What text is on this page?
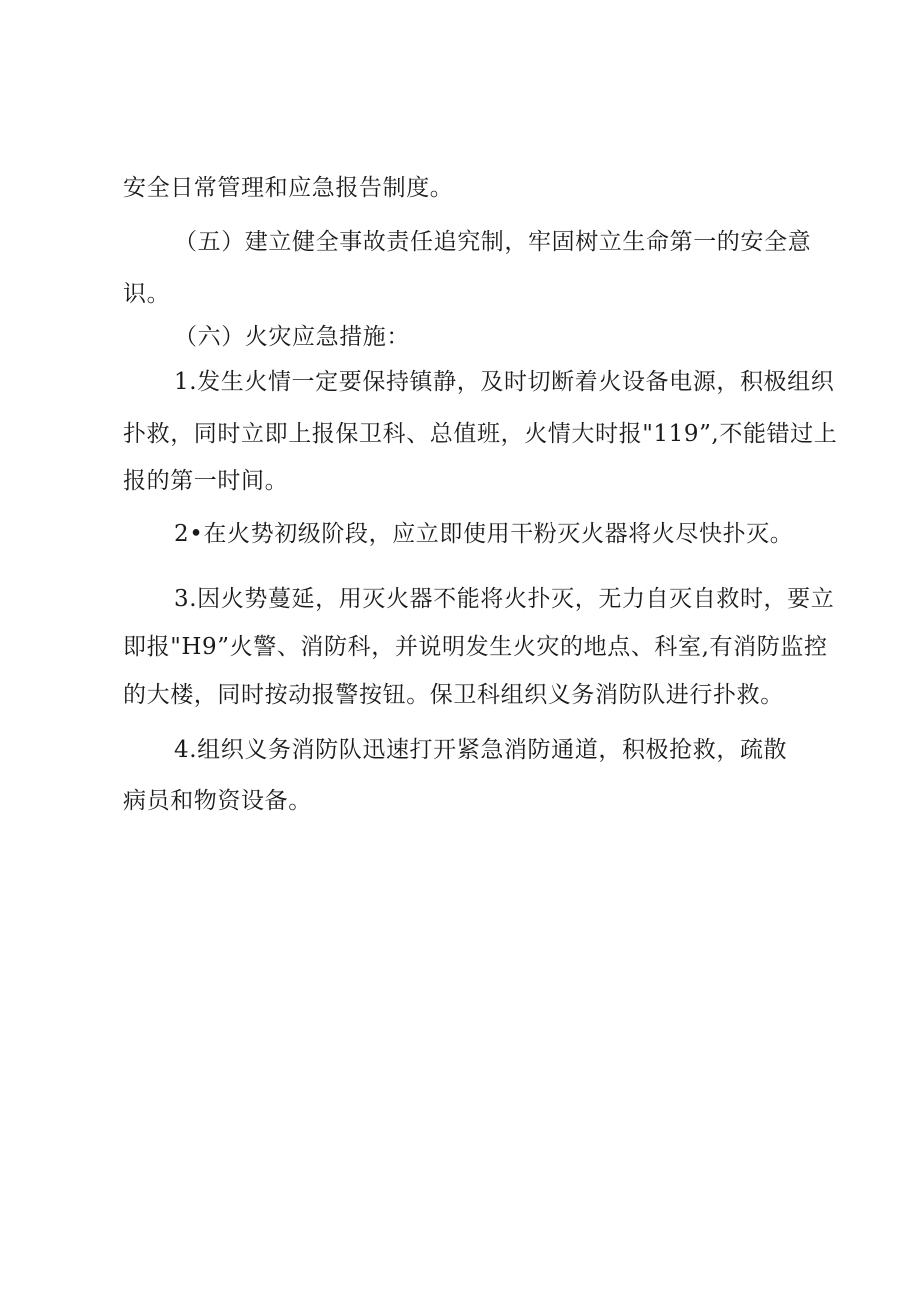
安全日常管理和应急报告制度。
（五）建立健全事故责任追究制，牢固树立生命第一的安全意
识。
（六）火灾应急措施：
1.发生火情一定要保持镇静，及时切断着火设备电源，积极组织
扑救，同时立即上报保卫科、总值班，火情大时报"119”,不能错过上
报的第一时间。
2•在火势初级阶段，应立即使用干粉灭火器将火尽快扑灭。
3.因火势蔓延，用灭火器不能将火扑灭，无力自灭自救时，要立
即报"H9”火警、消防科，并说明发生火灾的地点、科室,有消防监控
的大楼，同时按动报警按钮。保卫科组织义务消防队进行扑救。
4.组织义务消防队迅速打开紧急消防通道，积极抢救，疏散
病员和物资设备。
